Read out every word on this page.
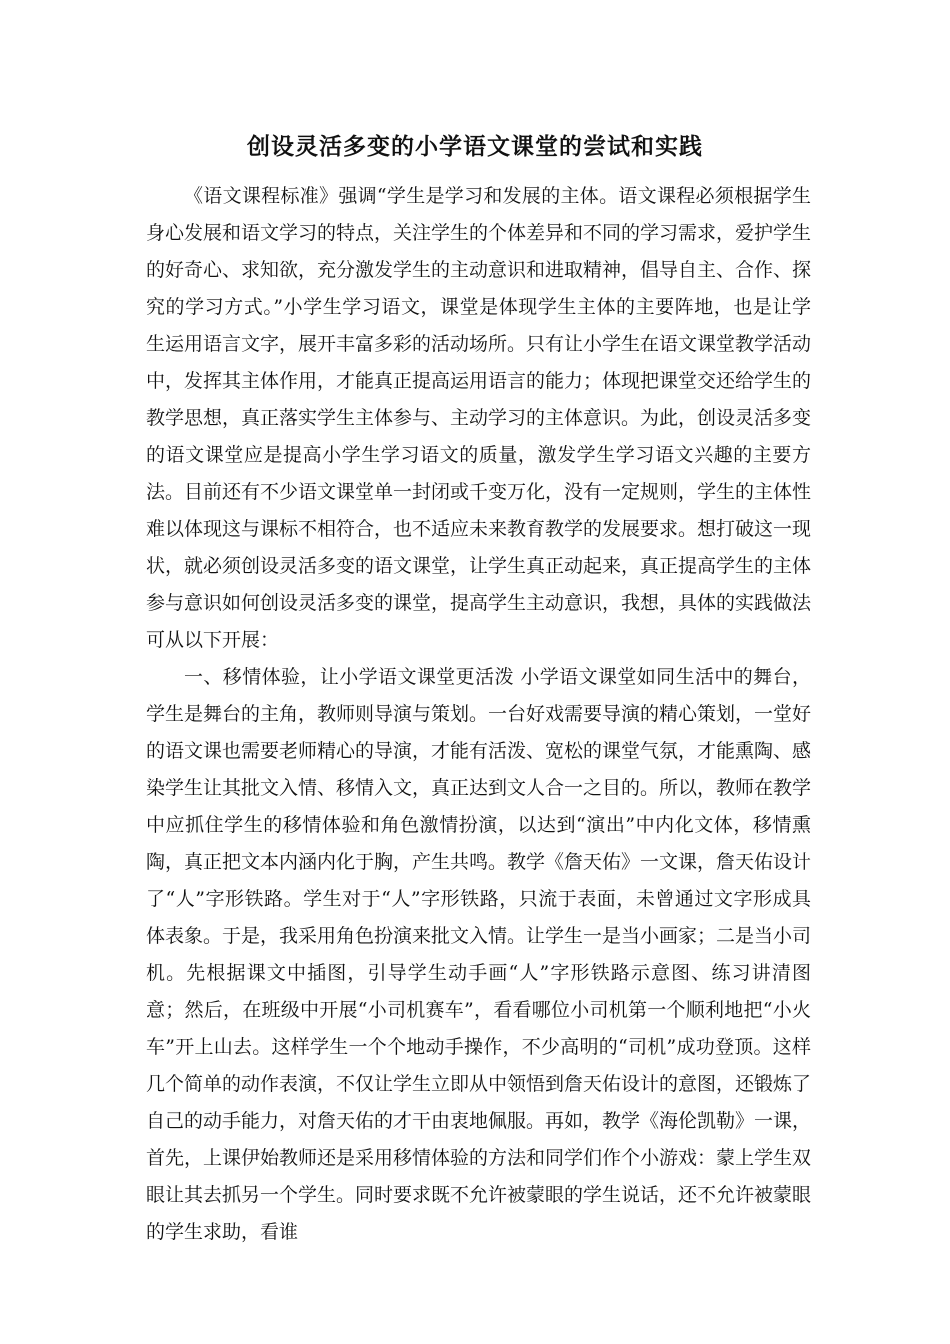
创设灵活多变的小学语文课堂的尝试和实践

《语文课程标准》强调“学生是学习和发展的主体。语文课程必须根据学生身心发展和语文学习的特点，关注学生的个体差异和不同的学习需求，爱护学生的好奇心、求知欲，充分激发学生的主动意识和进取精神，倡导自主、合作、探究的学习方式。”小学生学习语文，课堂是体现学生主体的主要阵地，也是让学生运用语言文字，展开丰富多彩的活动场所。只有让小学生在语文课堂教学活动中，发挥其主体作用，才能真正提高运用语言的能力；体现把课堂交还给学生的教学思想，真正落实学生主体参与、主动学习的主体意识。为此，创设灵活多变的语文课堂应是提高小学生学习语文的质量，激发学生学习语文兴趣的主要方法。目前还有不少语文课堂单一封闭或千变万化，没有一定规则，学生的主体性难以体现这与课标不相符合，也不适应未来教育教学的发展要求。想打破这一现状，就必须创设灵活多变的语文课堂，让学生真正动起来，真正提高学生的主体参与意识如何创设灵活多变的课堂，提高学生主动意识，我想，具体的实践做法可从以下开展：

一、移情体验，让小学语文课堂更活泼 小学语文课堂如同生活中的舞台，学生是舞台的主角，教师则导演与策划。一台好戏需要导演的精心策划，一堂好的语文课也需要老师精心的导演，才能有活泼、宽松的课堂气氛，才能熏陶、感染学生让其批文入情、移情入文，真正达到文人合一之目的。所以，教师在教学中应抓住学生的移情体验和角色激情扮演，以达到“演出”中内化文体，移情熏陶，真正把文本内涵内化于胸，产生共鸣。教学《詹天佑》一文课，詹天佑设计了“人”字形铁路。学生对于“人”字形铁路，只流于表面，未曾通过文字形成具体表象。于是，我采用角色扮演来批文入情。让学生一是当小画家；二是当小司机。先根据课文中插图，引导学生动手画“人”字形铁路示意图、练习讲清图意；然后，在班级中开展“小司机赛车”，看看哪位小司机第一个顺利地把“小火车”开上山去。这样学生一个个地动手操作，不少高明的“司机”成功登顶。这样几个简单的动作表演，不仅让学生立即从中领悟到詹天佑设计的意图，还锻炼了自己的动手能力，对詹天佑的才干由衷地佩服。再如，教学《海伦凯勒》一课，首先，上课伊始教师还是采用移情体验的方法和同学们作个小游戏：蒙上学生双眼让其去抓另一个学生。同时要求既不允许被蒙眼的学生说话，还不允许被蒙眼的学生求助，看谁
